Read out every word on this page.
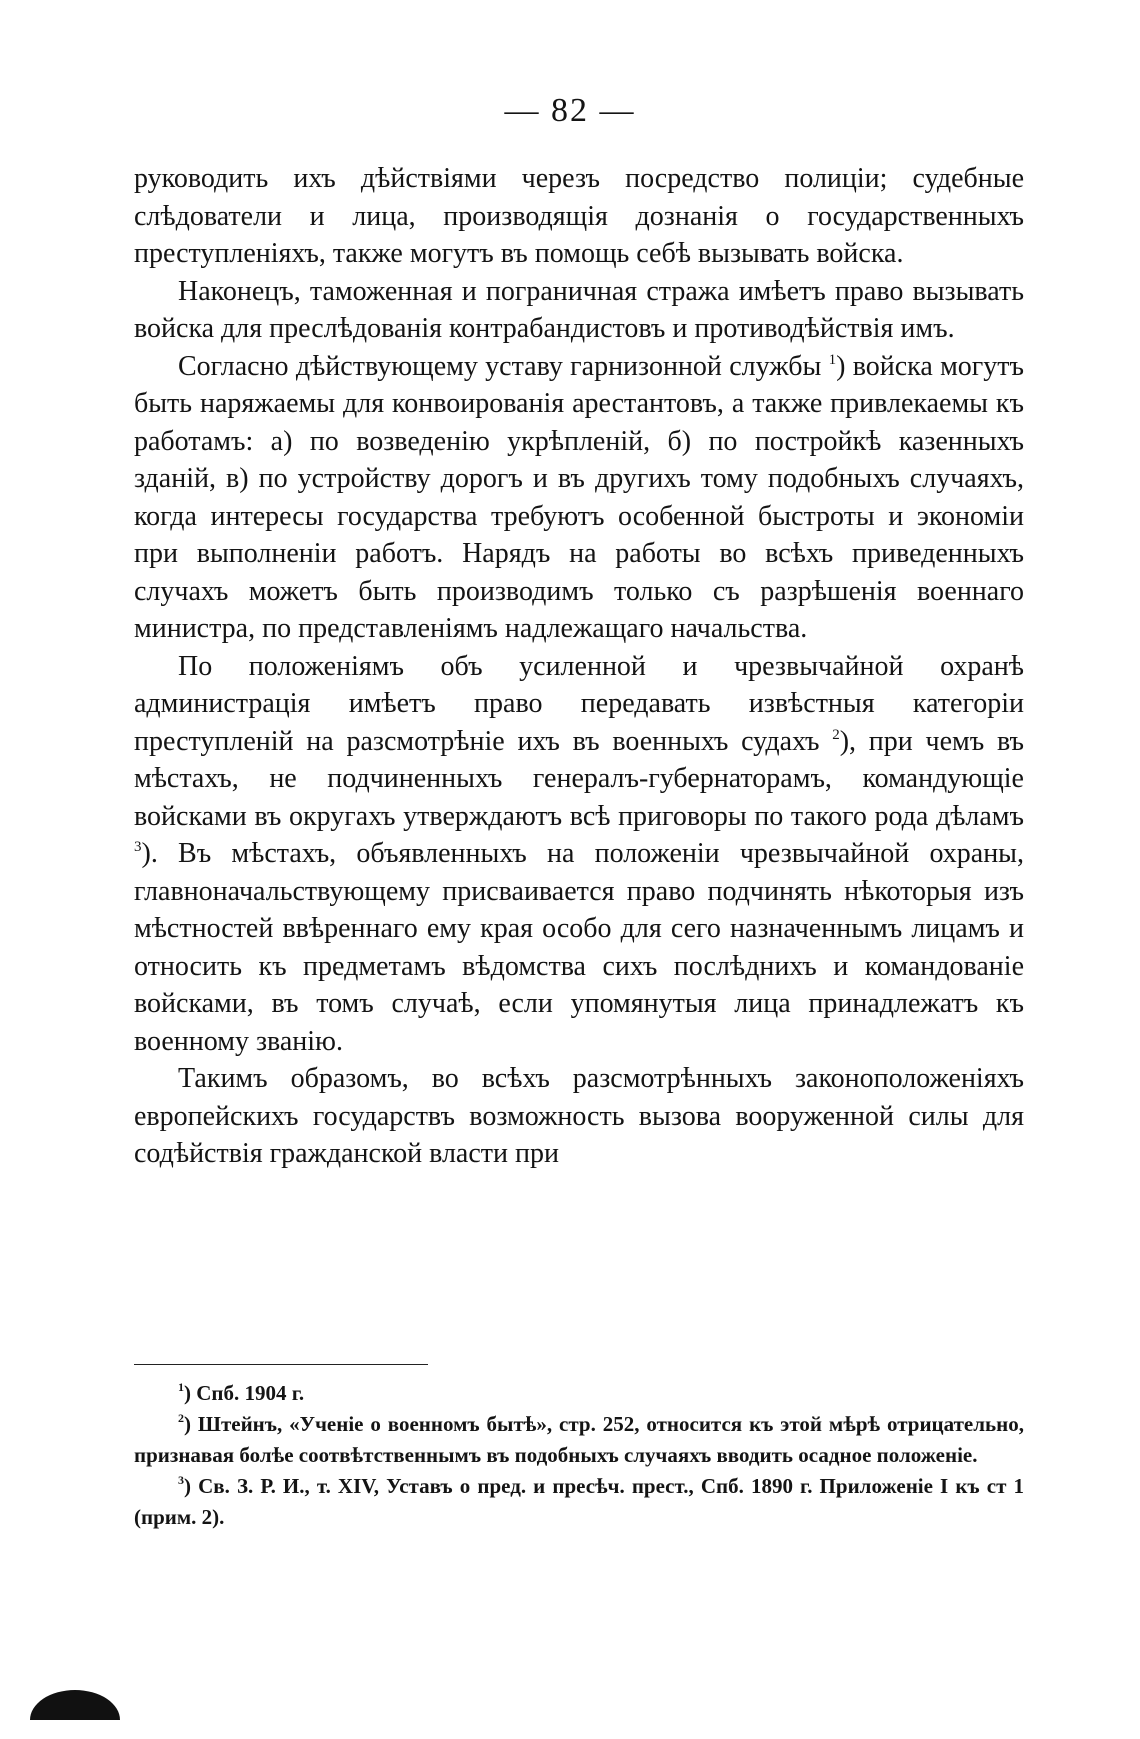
— 82 —

руководить ихъ дѣйствіями черезъ посредство полиціи; судебные слѣдователи и лица, производящія дознанія о государственныхъ преступленіяхъ, также могутъ въ помощь себѣ вызывать войска.

Наконецъ, таможенная и пограничная стража имѣетъ право вызывать войска для преслѣдованія контрабандистовъ и противодѣйствія имъ.

Согласно дѣйствующему уставу гарнизонной службы $^1$) войска могутъ быть наряжаемы для конвоированія арестантовъ, а также привлекаемы къ работамъ: а) по возведенію укрѣпленій, б) по постройкѣ казенныхъ зданій, в) по устройству дорогъ и въ другихъ тому подобныхъ случаяхъ, когда интересы государства требуютъ особенной быстроты и экономіи при выполненіи работъ. Нарядъ на работы во всѣхъ приведенныхъ случахъ можетъ быть производимъ только съ разрѣшенія военнаго министра, по представленіямъ надлежащаго начальства.

По положеніямъ объ усиленной и чрезвычайной охранѣ администрація имѣетъ право передавать извѣстныя категоріи преступленій на разсмотрѣніе ихъ въ военныхъ судахъ $^2$), при чемъ въ мѣстахъ, не подчиненныхъ генералъ-губернаторамъ, командующіе войсками въ округахъ утверждаютъ всѣ приговоры по такого рода дѣламъ $^3$). Въ мѣстахъ, объявленныхъ на положеніи чрезвычайной охраны, главноначальствующему присваивается право подчинять нѣкоторыя изъ мѣстностей ввѣреннаго ему края особо для сего назначеннымъ лицамъ и относить къ предметамъ вѣдомства сихъ послѣднихъ и командованіе войсками, въ томъ случаѣ, если упомянутыя лица принадлежатъ къ военному званію.

Такимъ образомъ, во всѣхъ разсмотрѣнныхъ законоположеніяхъ европейскихъ государствъ возможность вызова вооруженной силы для содѣйствія гражданской власти при

$^1$) Спб. 1904 г.

$^2$) Штейнъ, «Ученіе о военномъ бытѣ», стр. 252, относится къ этой мѣрѣ отрицательно, признавая болѣе соотвѣтственнымъ въ подобныхъ случаяхъ вводить осадное положеніе.

$^3$) Св. З. Р. И., т. XIV, Уставъ о пред. и пресѣч. прест., Спб. 1890 г. Приложеніе I къ ст 1 (прим. 2).
